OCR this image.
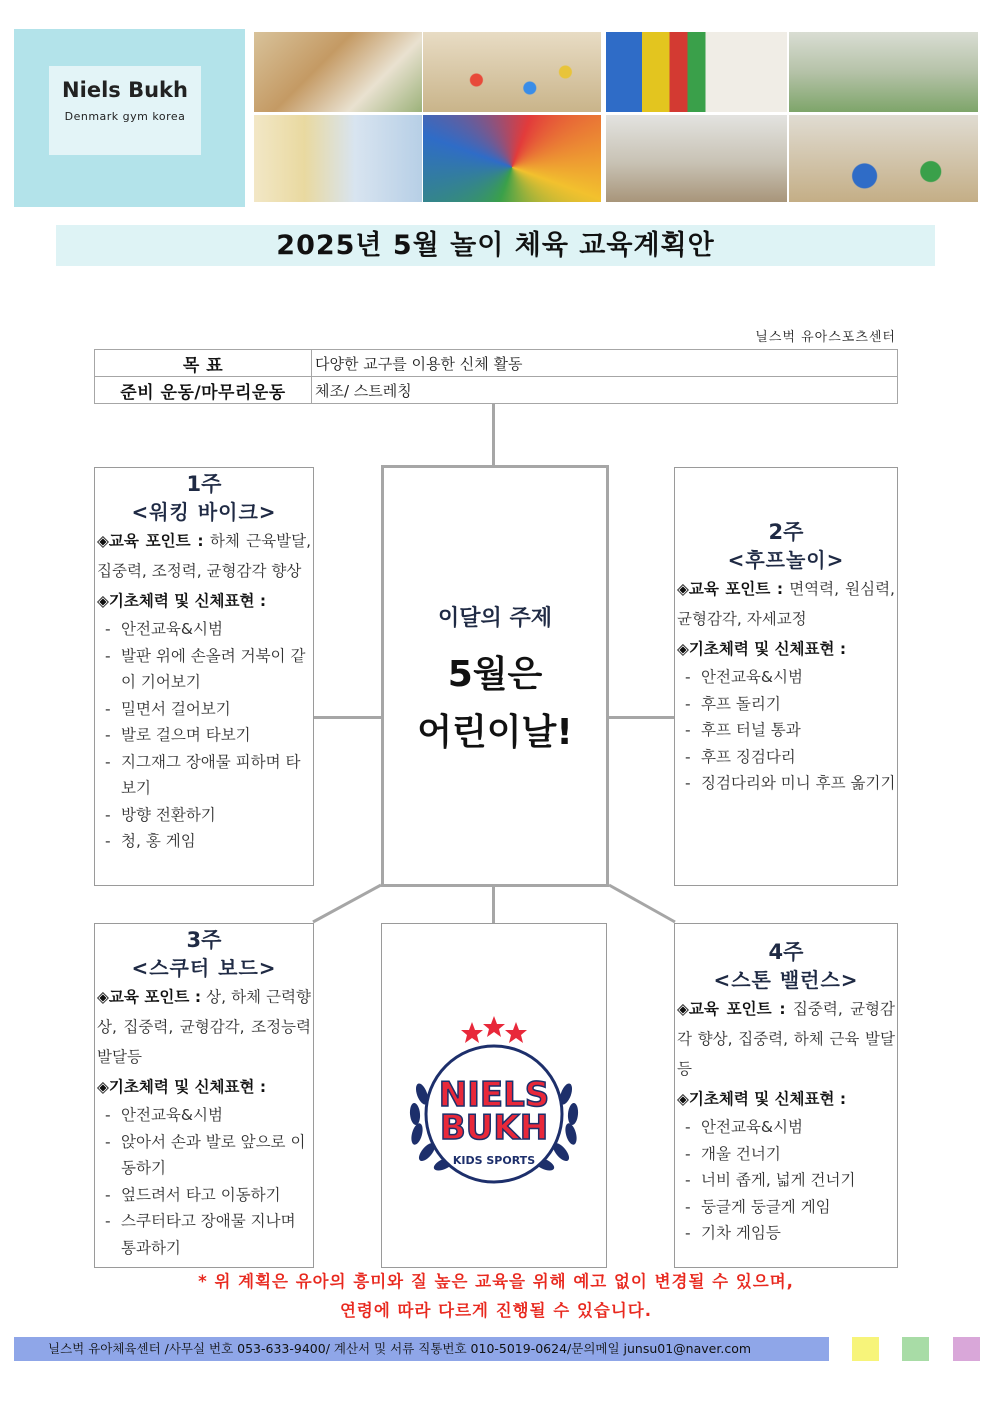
Niels Bukh
Denmark gym korea
2025년 5월 놀이 체육 교육계획안
닐스벅 유아스포츠센터
목 표	다양한 교구를 이용한 신체 활동
준비 운동/마무리운동	체조/ 스트레칭
1주
<워킹 바이크>
◈교육 포인트 : 하체 근육발달, 집중력, 조정력, 균형감각 향상
◈기초체력 및 신체표현 :
- 안전교육&시범
- 발판 위에 손올려 거북이 같이 기어보기
- 밀면서 걸어보기
- 발로 걸으며 타보기
- 지그재그 장애물 피하며 타보기
- 방향 전환하기
- 청, 홍 게임
2주
<후프놀이>
◈교육 포인트 : 면역력, 원심력, 균형감각, 자세교정
◈기초체력 및 신체표현 :
- 안전교육&시범
- 후프 돌리기
- 후프 터널 통과
- 후프 징검다리
- 징검다리와 미니 후프 옮기기
이달의 주제
5월은
어린이날!
3주
<스쿠터 보드>
◈교육 포인트 : 상, 하체 근력향상, 집중력, 균형감각, 조정능력 발달등
◈기초체력 및 신체표현 :
- 안전교육&시범
- 앉아서 손과 발로 앞으로 이동하기
- 엎드려서 타고 이동하기
- 스쿠터타고 장애물 지나며 통과하기
NIELS
BUKH
KIDS SPORTS
4주
<스톤 밸런스>
◈교육 포인트 : 집중력, 균형감각 향상, 집중력, 하체 근육 발달등
◈기초체력 및 신체표현 :
- 안전교육&시범
- 개울 건너기
- 너비 좁게, 넓게 건너기
- 둥글게 둥글게 게임
- 기차 게임등
* 위 계획은 유아의 흥미와 질 높은 교육을 위해 예고 없이 변경될 수 있으며,
연령에 따라 다르게 진행될 수 있습니다.
닐스벅 유아체육센터 /사무실 번호 053-633-9400/ 계산서 및 서류 직통번호 010-5019-0624/문의메일 junsu01@naver.com
